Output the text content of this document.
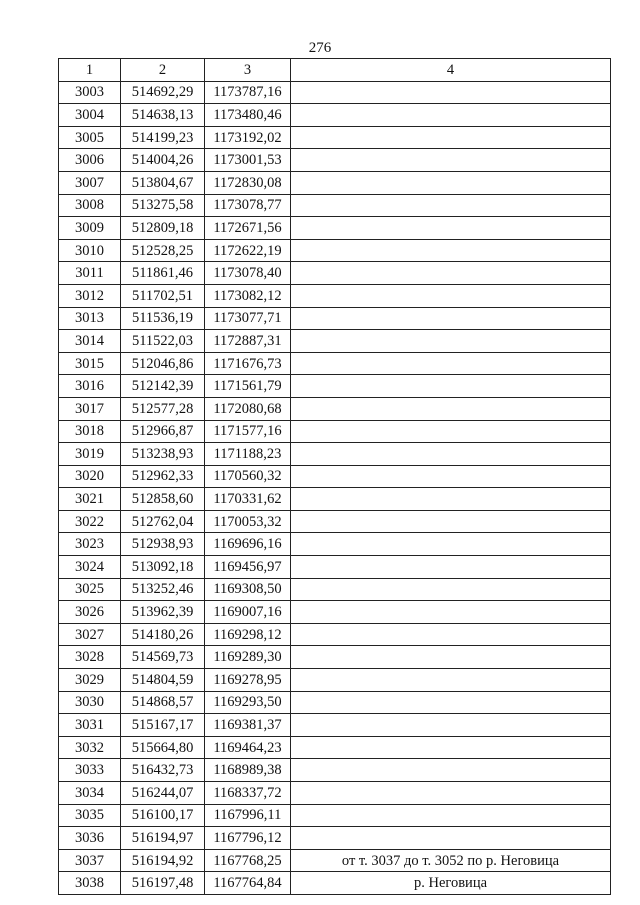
276
1	2	3	4
3003	514692,29	1173787,16	
3004	514638,13	1173480,46	
3005	514199,23	1173192,02	
3006	514004,26	1173001,53	
3007	513804,67	1172830,08	
3008	513275,58	1173078,77	
3009	512809,18	1172671,56	
3010	512528,25	1172622,19	
3011	511861,46	1173078,40	
3012	511702,51	1173082,12	
3013	511536,19	1173077,71	
3014	511522,03	1172887,31	
3015	512046,86	1171676,73	
3016	512142,39	1171561,79	
3017	512577,28	1172080,68	
3018	512966,87	1171577,16	
3019	513238,93	1171188,23	
3020	512962,33	1170560,32	
3021	512858,60	1170331,62	
3022	512762,04	1170053,32	
3023	512938,93	1169696,16	
3024	513092,18	1169456,97	
3025	513252,46	1169308,50	
3026	513962,39	1169007,16	
3027	514180,26	1169298,12	
3028	514569,73	1169289,30	
3029	514804,59	1169278,95	
3030	514868,57	1169293,50	
3031	515167,17	1169381,37	
3032	515664,80	1169464,23	
3033	516432,73	1168989,38	
3034	516244,07	1168337,72	
3035	516100,17	1167996,11	
3036	516194,97	1167796,12	
3037	516194,92	1167768,25	от т. 3037 до т. 3052 по р. Неговица
3038	516197,48	1167764,84	р. Неговица
